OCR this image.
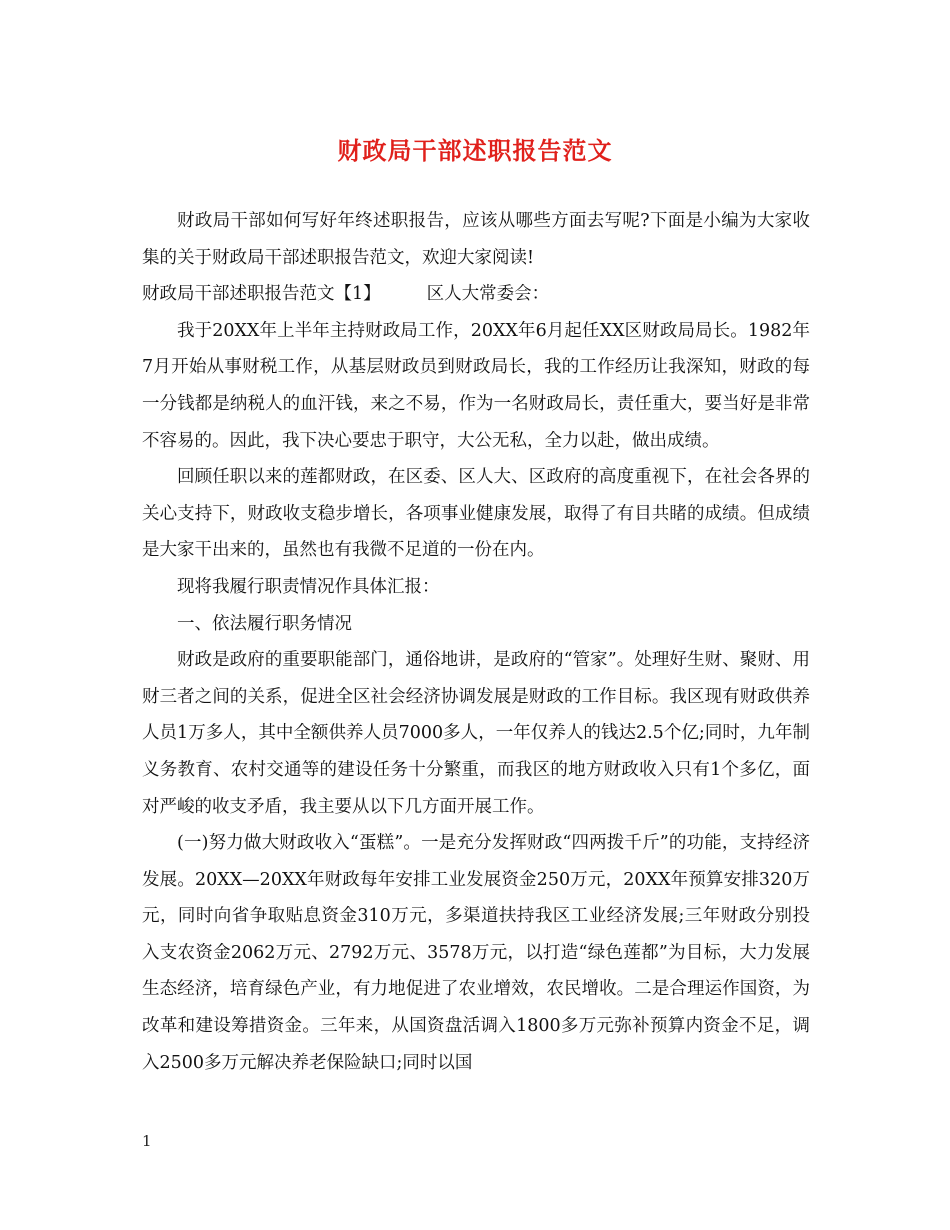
财政局干部述职报告范文

财政局干部如何写好年终述职报告，应该从哪些方面去写呢?下面是小编为大家收集的关于财政局干部述职报告范文，欢迎大家阅读!

财政局干部述职报告范文【1】	区人大常委会：

我于20XX年上半年主持财政局工作，20XX年6月起任XX区财政局局长。1982年7月开始从事财税工作，从基层财政员到财政局长，我的工作经历让我深知，财政的每一分钱都是纳税人的血汗钱，来之不易，作为一名财政局长，责任重大，要当好是非常不容易的。因此，我下决心要忠于职守，大公无私，全力以赴，做出成绩。

回顾任职以来的莲都财政，在区委、区人大、区政府的高度重视下，在社会各界的关心支持下，财政收支稳步增长，各项事业健康发展，取得了有目共睹的成绩。但成绩是大家干出来的，虽然也有我微不足道的一份在内。

现将我履行职责情况作具体汇报：

一、依法履行职务情况

财政是政府的重要职能部门，通俗地讲，是政府的“管家”。处理好生财、聚财、用财三者之间的关系，促进全区社会经济协调发展是财政的工作目标。我区现有财政供养人员1万多人，其中全额供养人员7000多人，一年仅养人的钱达2.5个亿;同时，九年制义务教育、农村交通等的建设任务十分繁重，而我区的地方财政收入只有1个多亿，面对严峻的收支矛盾，我主要从以下几方面开展工作。

(一)努力做大财政收入“蛋糕”。一是充分发挥财政“四两拨千斤”的功能，支持经济发展。20XX—20XX年财政每年安排工业发展资金250万元，20XX年预算安排320万元，同时向省争取贴息资金310万元，多渠道扶持我区工业经济发展;三年财政分别投入支农资金2062万元、2792万元、3578万元，以打造“绿色莲都”为目标，大力发展生态经济，培育绿色产业，有力地促进了农业增效，农民增收。二是合理运作国资，为改革和建设筹措资金。三年来，从国资盘活调入1800多万元弥补预算内资金不足，调入2500多万元解决养老保险缺口;同时以国

1
